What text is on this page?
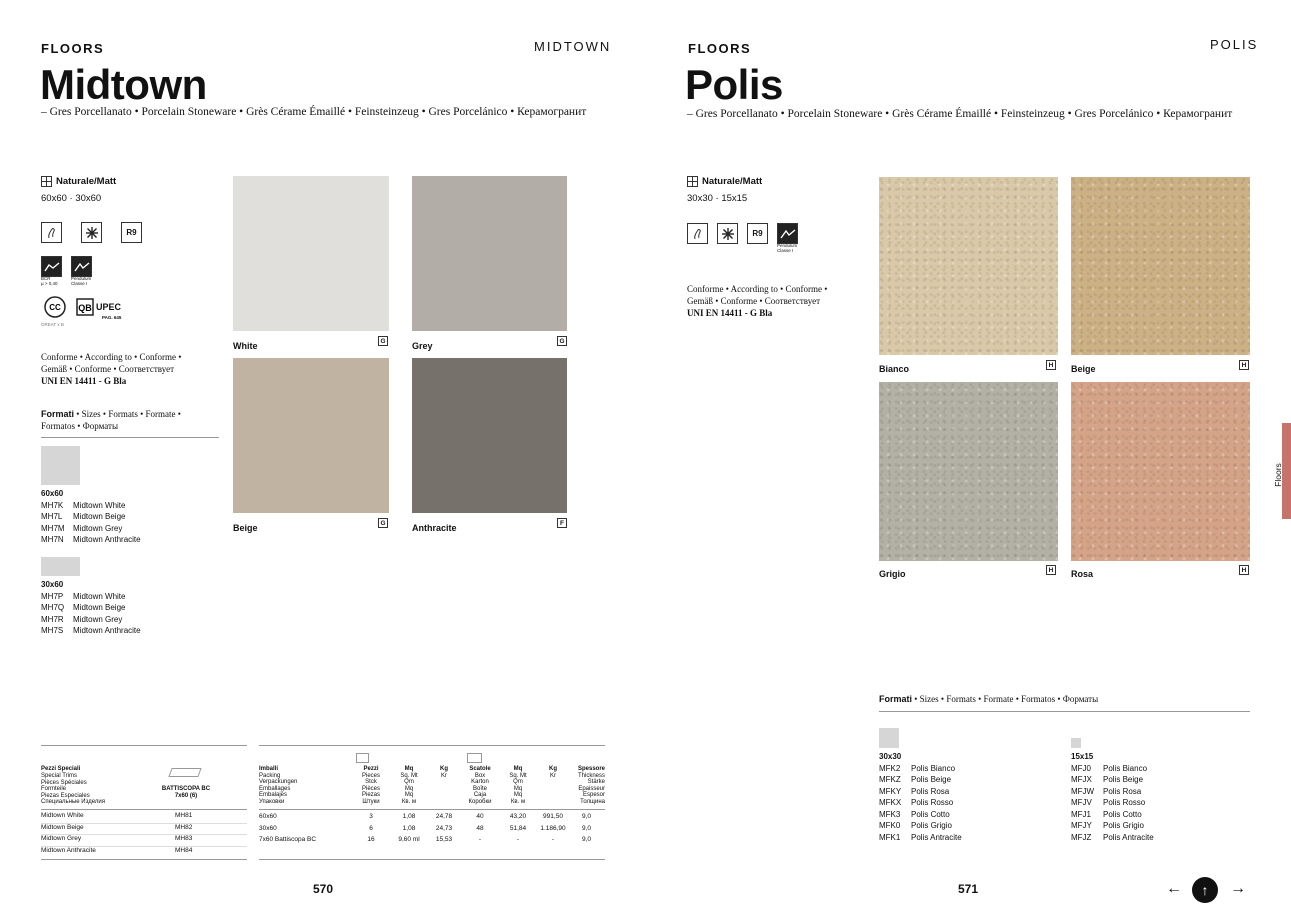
FLOORS	MIDTOWN
Midtown
– Gres Porcellanato • Porcelain Stoneware • Grès Cérame Émaillé • Feinsteinzeug • Gres Porcelánico • Керамогранит
Naturale/Matt
60x60 · 30x60
R9
BCR
µ > 0,40
Pendulum
Classe I
CC
GREAT x B
QB UPEC
PAG. 645
Conforme • According to • Conforme •
Gemäß • Conforme • Соответствует
UNI EN 14411 - G Bla
Formati • Sizes • Formats • Formate •
Formatos • Форматы
60x60
MH7K	Midtown White
MH7L	Midtown Beige
MH7M	Midtown Grey
MH7N	Midtown Anthracite
30x60
MH7P	Midtown White
MH7Q	Midtown Beige
MH7R	Midtown Grey
MH7S	Midtown Anthracite
White	G	Grey	G
Beige	G	Anthracite	F
Pezzi Speciali
Special Trims
Pièces Spéciales
Formteile
Piezas Especiales
Специальные Изделия
BATTISCOPA BC
7x60 (6)
Midtown White	MH81
Midtown Beige	MH82
Midtown Grey	MH83
Midtown Anthracite	MH84
Imballi
Packing
Verpackungen
Emballages
Embalajes
Упаковки
	Pezzi
Pieces
Stck
Pièces
Piezas
Штуки
	Mq
Sq. Mt
Qm
Mq
Mq
Кв. м
	Kg
Kr
	Scatole
Box
Karton
Boîte
Caja
Коробки
	Mq
Sq. Mt
Qm
Mq
Mq
Кв. м
	Kg
Kr
	Spessore
Thickness
Stärke
Epaisseur
Espesor
Толщина
60x60	3	1,08	24,78	40	43,20	991,50	9,0
30x60	6	1,08	24,73	48	51,84	1.186,90	9,0
7x60 Battiscopa BC	16	9,60 ml	15,53	-	-	-	9,0
570
FLOORS	POLIS
Polis
– Gres Porcellanato • Porcelain Stoneware • Grès Cérame Émaillé • Feinsteinzeug • Gres Porcelánico • Керамогранит
Naturale/Matt
30x30 · 15x15
R9
Pendulum
Classe I
Conforme • According to • Conforme •
Gemäß • Conforme • Соответствует
UNI EN 14411 - G Bla
Bianco	H Beige	H
Grigio	H Rosa	H
Formati • Sizes • Formats • Formate • Formatos • Форматы
30x30
MFK2	Polis Bianco
MFKZ	Polis Beige
MFKY	Polis Rosa
MFKX	Polis Rosso
MFK3	Polis Cotto
MFK0	Polis Grigio
MFK1	Polis Antracite
15x15
MFJ0	Polis Bianco
MFJX	Polis Beige
MFJW	Polis Rosa
MFJV	Polis Rosso
MFJ1	Polis Cotto
MFJY	Polis Grigio
MFJZ	Polis Antracite
Floors
571	←	↑	→
